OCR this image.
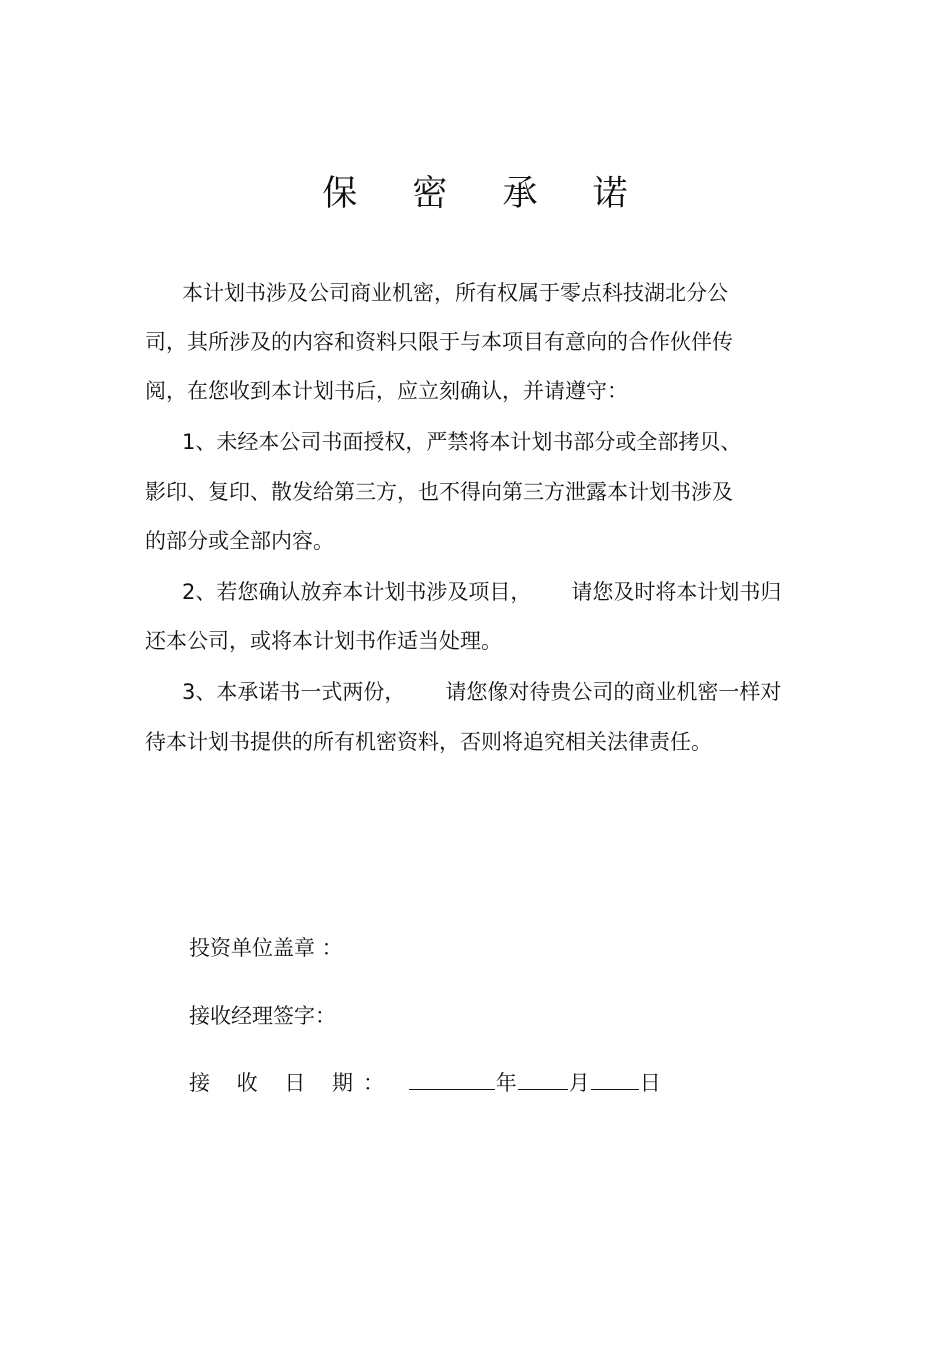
保 密 承 诺
本计划书涉及公司商业机密，所有权属于零点科技湖北分公
司，其所涉及的内容和资料只限于与本项目有意向的合作伙伴传
阅，在您收到本计划书后，应立刻确认，并请遵守：
1、未经本公司书面授权，严禁将本计划书部分或全部拷贝、
影印、复印、散发给第三方，也不得向第三方泄露本计划书涉及
的部分或全部内容。
2、若您确认放弃本计划书涉及项目， 请您及时将本计划书归
还本公司，或将本计划书作适当处理。
3、本承诺书一式两份， 请您像对待贵公司的商业机密一样对
待本计划书提供的所有机密资料，否则将追究相关法律责任。
投资单位盖章 ：
接收经理签字：
接 收 日 期：	年 月 日
